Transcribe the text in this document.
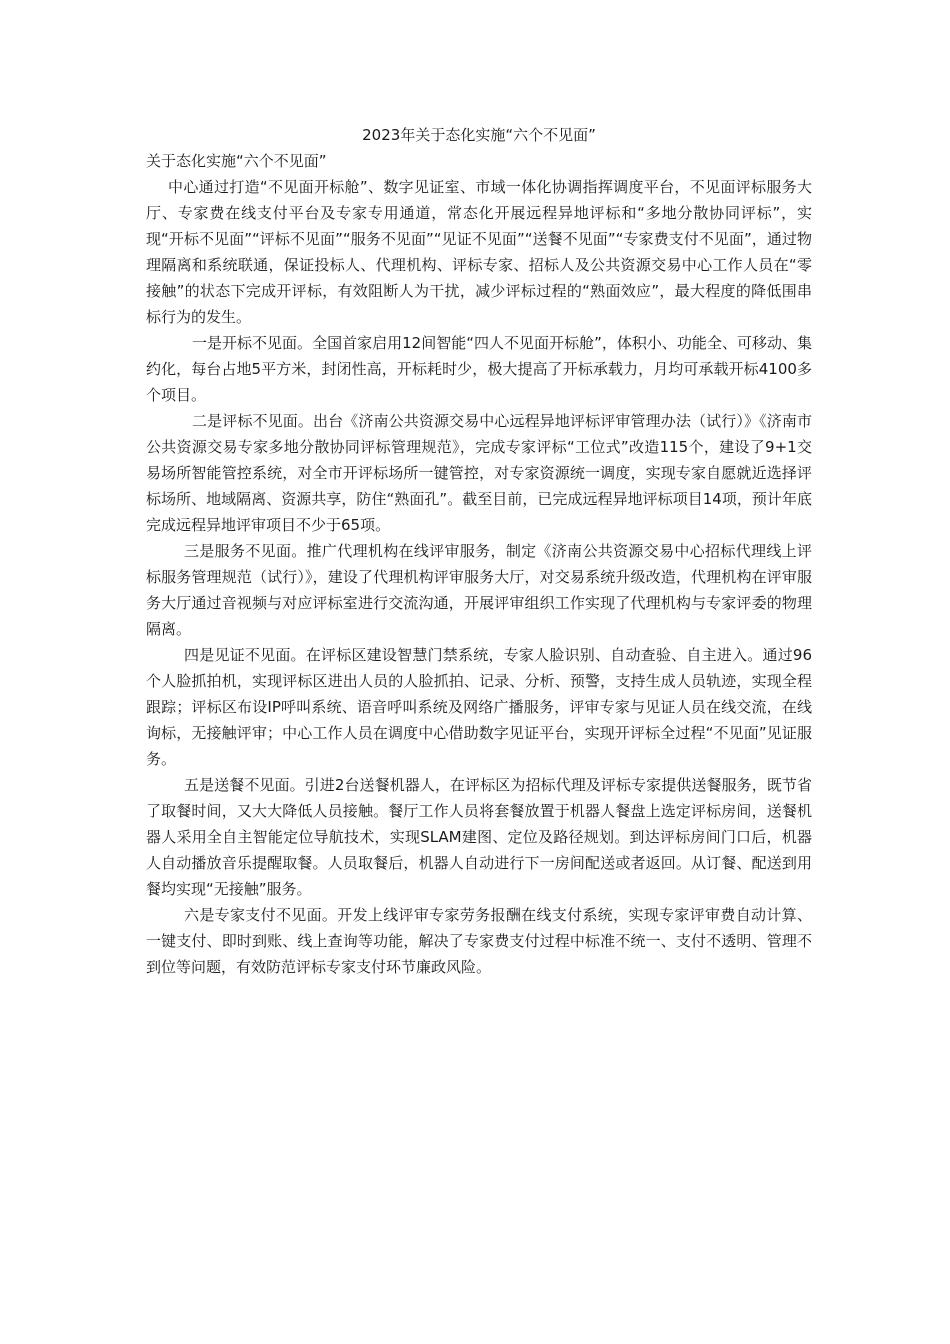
2023年关于态化实施“六个不见面”

关于态化实施“六个不见面”

中心通过打造“不见面开标舱”、数字见证室、市域一体化协调指挥调度平台，不见面评标服务大厅、专家费在线支付平台及专家专用通道，常态化开展远程异地评标和“多地分散协同评标”，实现“开标不见面”“评标不见面”“服务不见面”“见证不见面”“送餐不见面”“专家费支付不见面”，通过物理隔离和系统联通，保证投标人、代理机构、评标专家、招标人及公共资源交易中心工作人员在“零接触”的状态下完成开评标，有效阻断人为干扰，减少评标过程的“熟面效应”，最大程度的降低围串标行为的发生。

一是开标不见面。全国首家启用12间智能“四人不见面开标舱”，体积小、功能全、可移动、集约化，每台占地5平方米，封闭性高，开标耗时少，极大提高了开标承载力，月均可承载开标4100多个项目。

二是评标不见面。出台《济南公共资源交易中心远程异地评标评审管理办法（试行）》《济南市公共资源交易专家多地分散协同评标管理规范》，完成专家评标“工位式”改造115个，建设了9+1交易场所智能管控系统，对全市开评标场所一键管控，对专家资源统一调度，实现专家自愿就近选择评标场所、地域隔离、资源共享，防住“熟面孔”。截至目前，已完成远程异地评标项目14项，预计年底完成远程异地评审项目不少于65项。

三是服务不见面。推广代理机构在线评审服务，制定《济南公共资源交易中心招标代理线上评标服务管理规范（试行）》，建设了代理机构评审服务大厅，对交易系统升级改造，代理机构在评审服务大厅通过音视频与对应评标室进行交流沟通，开展评审组织工作实现了代理机构与专家评委的物理隔离。

四是见证不见面。在评标区建设智慧门禁系统，专家人脸识别、自动查验、自主进入。通过96个人脸抓拍机，实现评标区进出人员的人脸抓拍、记录、分析、预警，支持生成人员轨迹，实现全程跟踪；评标区布设IP呼叫系统、语音呼叫系统及网络广播服务，评审专家与见证人员在线交流，在线询标，无接触评审；中心工作人员在调度中心借助数字见证平台，实现开评标全过程“不见面”见证服务。

五是送餐不见面。引进2台送餐机器人，在评标区为招标代理及评标专家提供送餐服务，既节省了取餐时间，又大大降低人员接触。餐厅工作人员将套餐放置于机器人餐盘上选定评标房间，送餐机器人采用全自主智能定位导航技术，实现SLAM建图、定位及路径规划。到达评标房间门口后，机器人自动播放音乐提醒取餐。人员取餐后，机器人自动进行下一房间配送或者返回。从订餐、配送到用餐均实现“无接触”服务。

六是专家支付不见面。开发上线评审专家劳务报酬在线支付系统，实现专家评审费自动计算、一键支付、即时到账、线上查询等功能，解决了专家费支付过程中标准不统一、支付不透明、管理不到位等问题，有效防范评标专家支付环节廉政风险。
